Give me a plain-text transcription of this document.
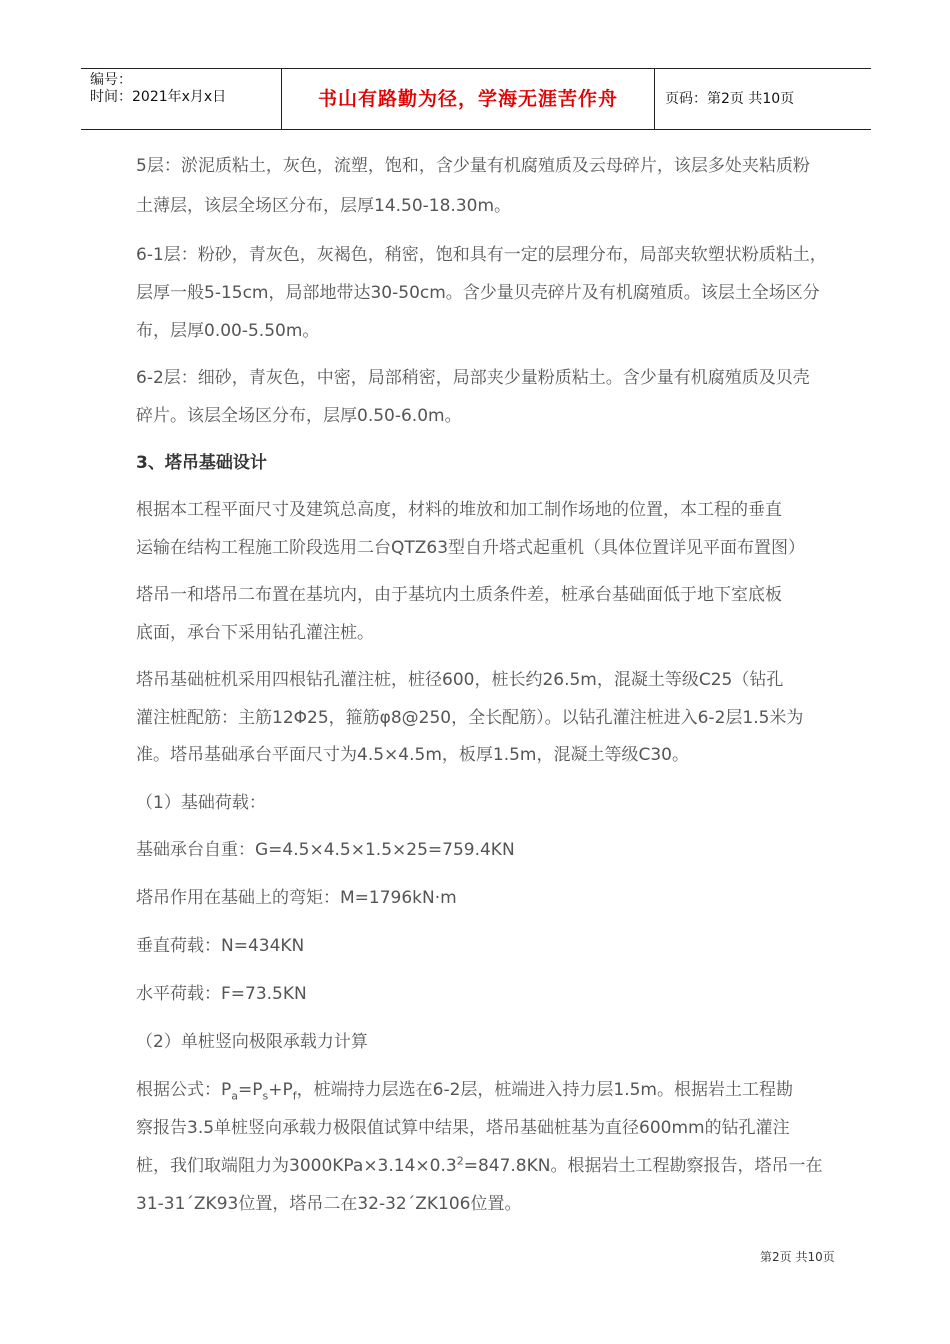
编号：
时间：2021年x月x日	书山有路勤为径，学海无涯苦作舟	页码：第2页 共10页

5层：淤泥质粘土，灰色，流塑，饱和，含少量有机腐殖质及云母碎片，该层多处夹粘质粉

土薄层，该层全场区分布，层厚14.50-18.30m。

6-1层：粉砂，青灰色，灰褐色，稍密，饱和具有一定的层理分布，局部夹软塑状粉质粘土，

层厚一般5-15cm，局部地带达30-50cm。含少量贝壳碎片及有机腐殖质。该层土全场区分

布，层厚0.00-5.50m。

6-2层：细砂，青灰色，中密，局部稍密，局部夹少量粉质粘土。含少量有机腐殖质及贝壳

碎片。该层全场区分布，层厚0.50-6.0m。

3、塔吊基础设计

根据本工程平面尺寸及建筑总高度，材料的堆放和加工制作场地的位置，本工程的垂直

运输在结构工程施工阶段选用二台QTZ63型自升塔式起重机（具体位置详见平面布置图）

塔吊一和塔吊二布置在基坑内，由于基坑内土质条件差，桩承台基础面低于地下室底板

底面，承台下采用钻孔灌注桩。

塔吊基础桩机采用四根钻孔灌注桩，桩径600，桩长约26.5m，混凝土等级C25（钻孔

灌注桩配筋：主筋12Φ25，箍筋φ8@250，全长配筋）。以钻孔灌注桩进入6-2层1.5米为

准。塔吊基础承台平面尺寸为4.5×4.5m，板厚1.5m，混凝土等级C30。

（1）基础荷载：

基础承台自重：G=4.5×4.5×1.5×25=759.4KN

塔吊作用在基础上的弯矩：M=1796kN·m

垂直荷载：N=434KN

水平荷载：F=73.5KN

（2）单桩竖向极限承载力计算

根据公式：$P_a=P_s+P_f$，桩端持力层选在6-2层，桩端进入持力层1.5m。根据岩土工程勘

察报告3.5单桩竖向承载力极限值试算中结果，塔吊基础桩基为直径600mm的钻孔灌注

桩，我们取端阻力为$3000KPa\times 3.14\times 0.3^2=847.8KN$。根据岩土工程勘察报告，塔吊一在

31-31´ZK93位置，塔吊二在32-32´ZK106位置。

第2页 共10页
